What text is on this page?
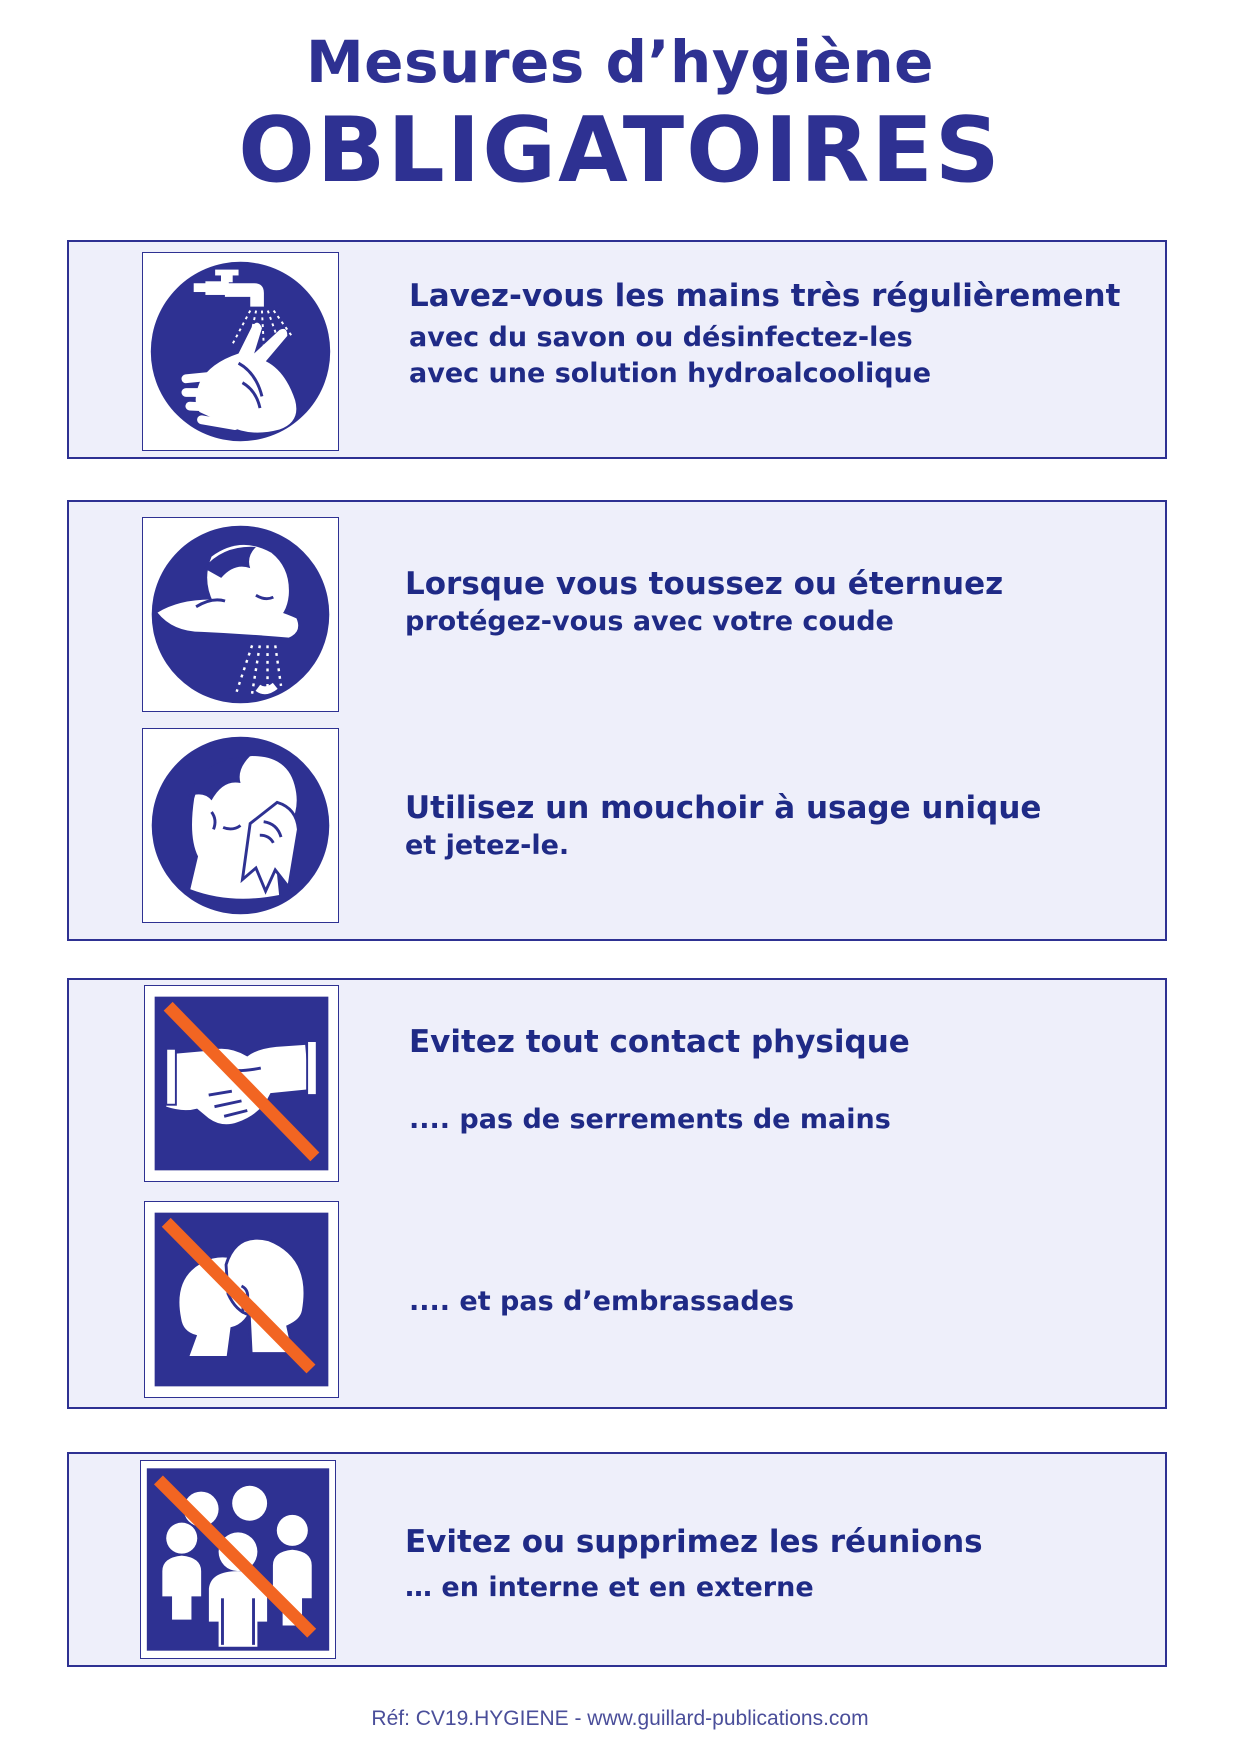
Mesures d’hygiène
OBLIGATOIRES
Lavez-vous les mains très régulièrement
avec du savon ou désinfectez-les
avec une solution hydroalcoolique
Lorsque vous toussez ou éternuez
protégez-vous avec votre coude
Utilisez un mouchoir à usage unique
et jetez-le.
Evitez tout contact physique
.... pas de serrements de mains
.... et pas d’embrassades
Evitez ou supprimez les réunions
… en interne et en externe
Réf: CV19.HYGIENE - www.guillard-publications.com
